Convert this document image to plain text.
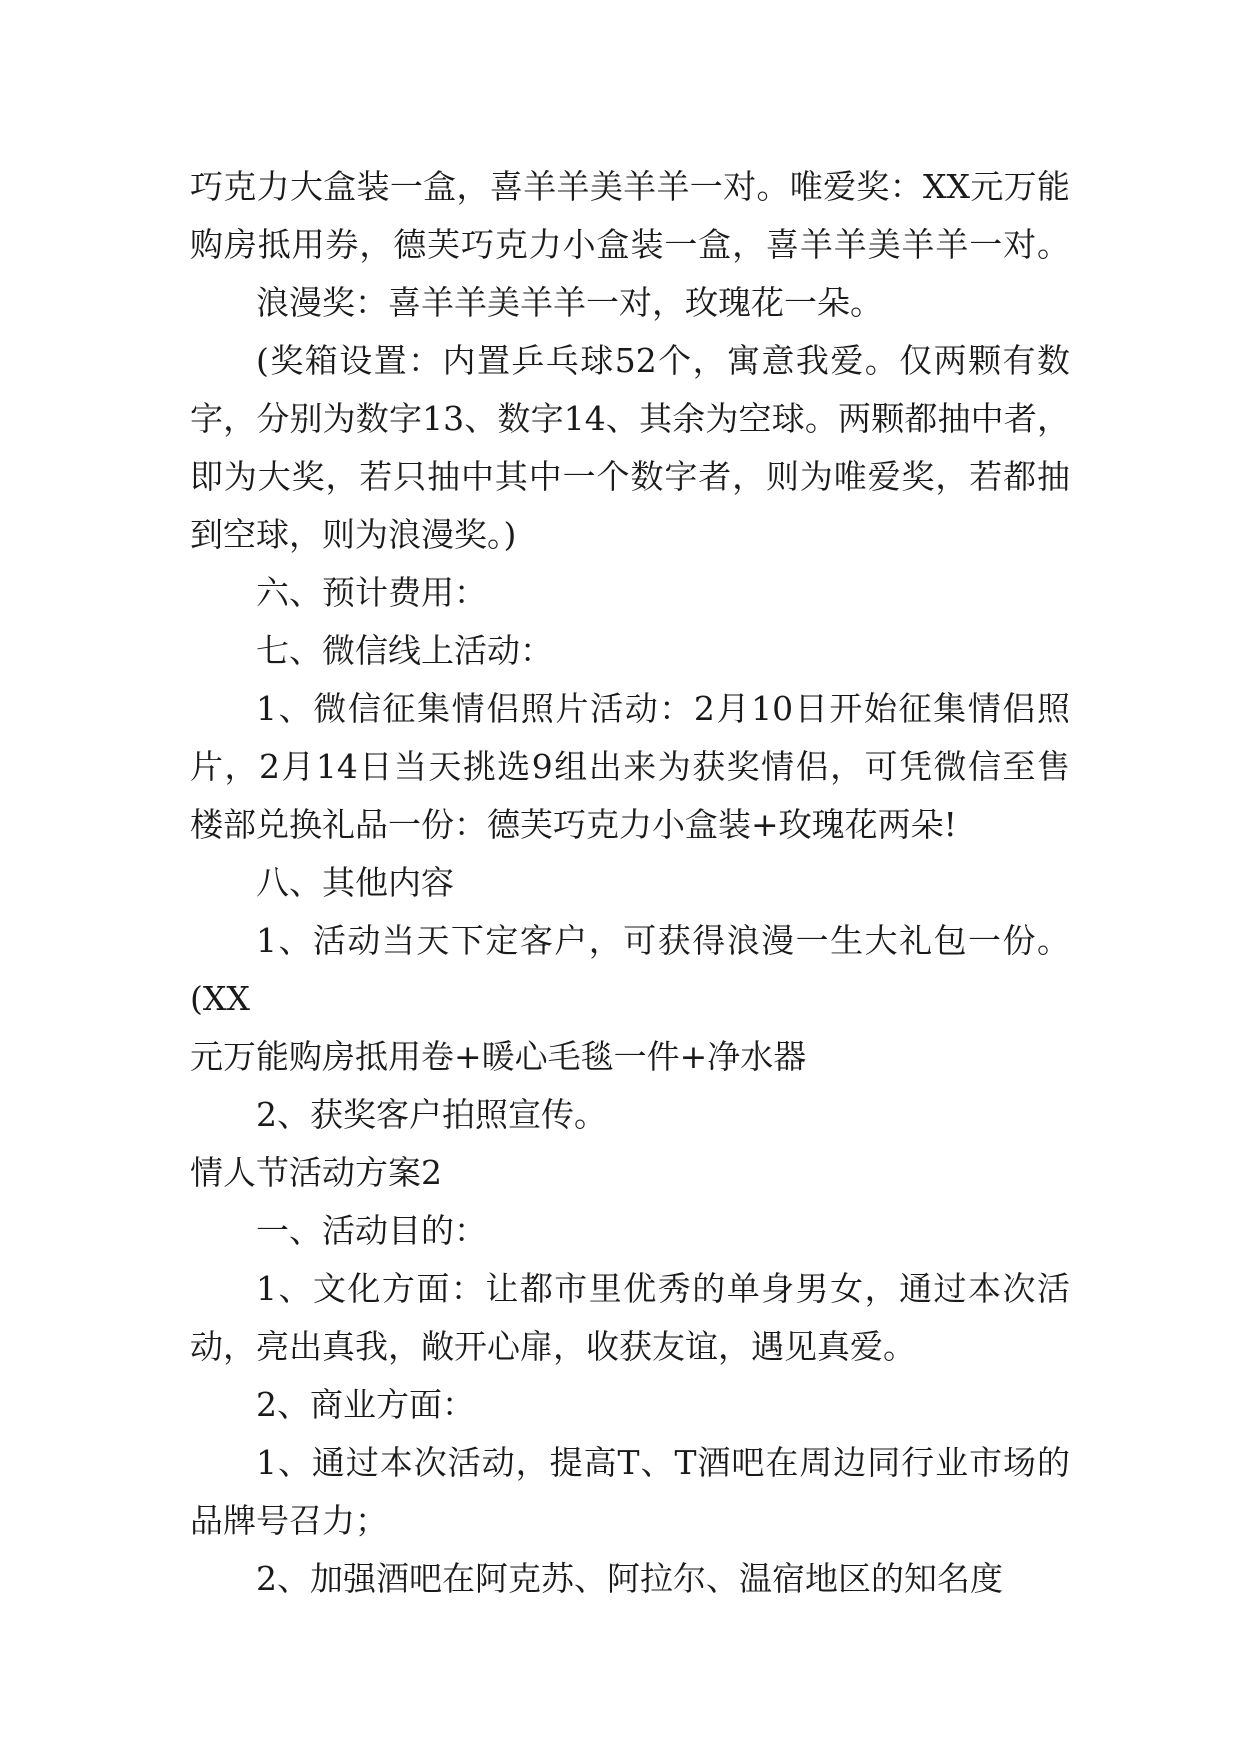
巧克力大盒装一盒，喜羊羊美羊羊一对。唯爱奖：XX元万能

购房抵用券，德芙巧克力小盒装一盒，喜羊羊美羊羊一对。

浪漫奖：喜羊羊美羊羊一对，玫瑰花一朵。

(奖箱设置：内置乒乓球52个，寓意我爱。仅两颗有数

字，分别为数字13、数字14、其余为空球。两颗都抽中者，

即为大奖，若只抽中其中一个数字者，则为唯爱奖，若都抽

到空球，则为浪漫奖。)

六、预计费用：

七、微信线上活动：

1、微信征集情侣照片活动：2月10日开始征集情侣照

片，2月14日当天挑选9组出来为获奖情侣，可凭微信至售

楼部兑换礼品一份：德芙巧克力小盒装+玫瑰花两朵!

八、其他内容

1、活动当天下定客户，可获得浪漫一生大礼包一份。(XX

元万能购房抵用卷+暖心毛毯一件+净水器

2、获奖客户拍照宣传。

情人节活动方案2

一、活动目的：

1、文化方面：让都市里优秀的单身男女，通过本次活

动，亮出真我，敞开心扉，收获友谊，遇见真爱。

2、商业方面：

1、通过本次活动，提高T、T酒吧在周边同行业市场的

品牌号召力；

2、加强酒吧在阿克苏、阿拉尔、温宿地区的知名度
